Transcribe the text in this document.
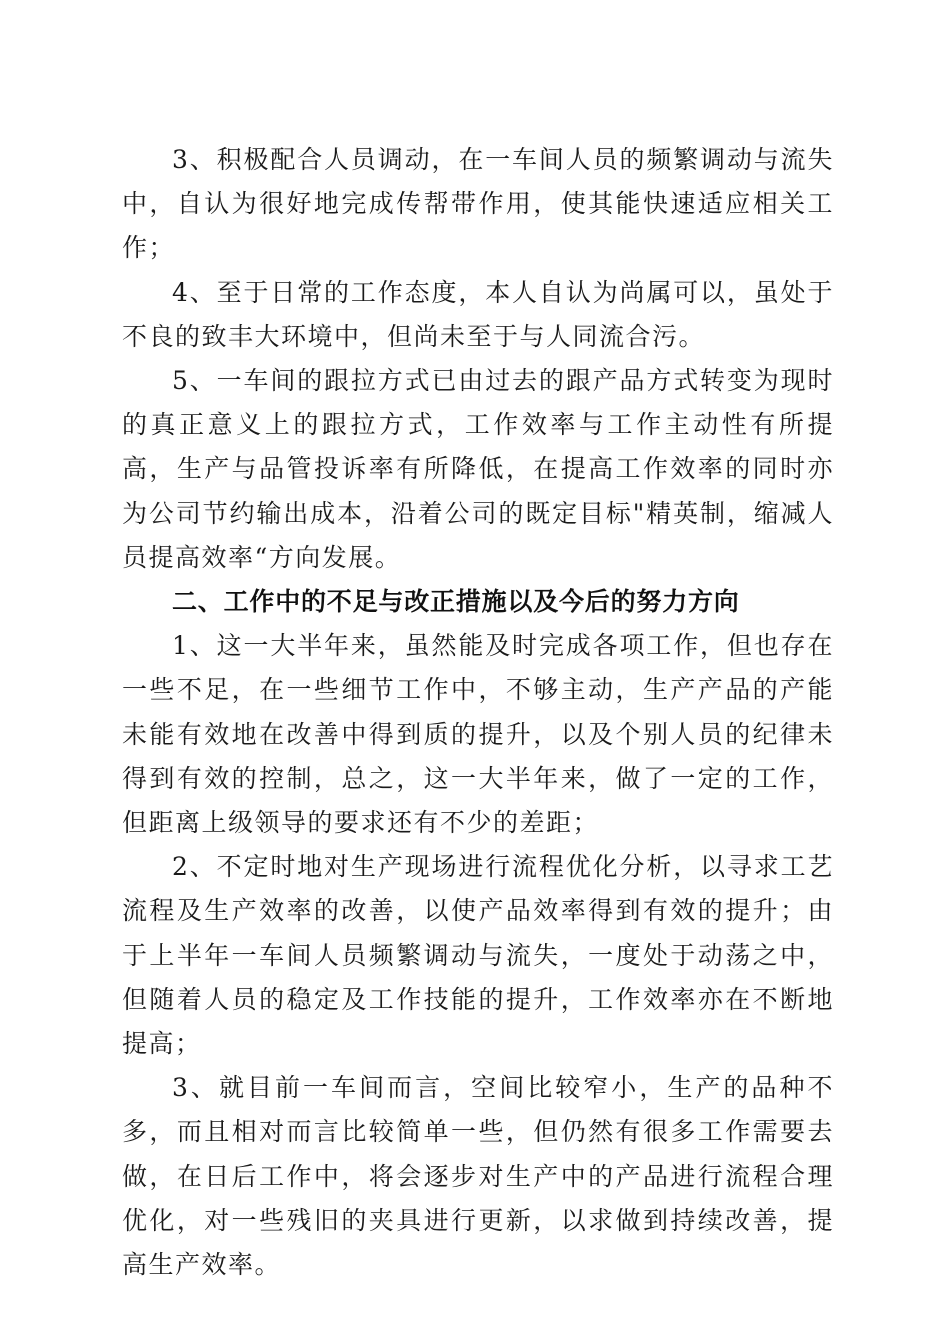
3、积极配合人员调动，在一车间人员的频繁调动与流失中，自认为很好地完成传帮带作用，使其能快速适应相关工作；

4、至于日常的工作态度，本人自认为尚属可以，虽处于不良的致丰大环境中，但尚未至于与人同流合污。

5、一车间的跟拉方式已由过去的跟产品方式转变为现时的真正意义上的跟拉方式，工作效率与工作主动性有所提高，生产与品管投诉率有所降低，在提高工作效率的同时亦为公司节约输出成本，沿着公司的既定目标"精英制，缩减人员提高效率“方向发展。

二、工作中的不足与改正措施以及今后的努力方向

1、这一大半年来，虽然能及时完成各项工作，但也存在一些不足，在一些细节工作中，不够主动，生产产品的产能未能有效地在改善中得到质的提升，以及个别人员的纪律未得到有效的控制，总之，这一大半年来，做了一定的工作，但距离上级领导的要求还有不少的差距；

2、不定时地对生产现场进行流程优化分析，以寻求工艺流程及生产效率的改善，以使产品效率得到有效的提升；由于上半年一车间人员频繁调动与流失，一度处于动荡之中，但随着人员的稳定及工作技能的提升，工作效率亦在不断地提高；

3、就目前一车间而言，空间比较窄小，生产的品种不多，而且相对而言比较简单一些，但仍然有很多工作需要去做，在日后工作中，将会逐步对生产中的产品进行流程合理优化，对一些残旧的夹具进行更新，以求做到持续改善，提高生产效率。
